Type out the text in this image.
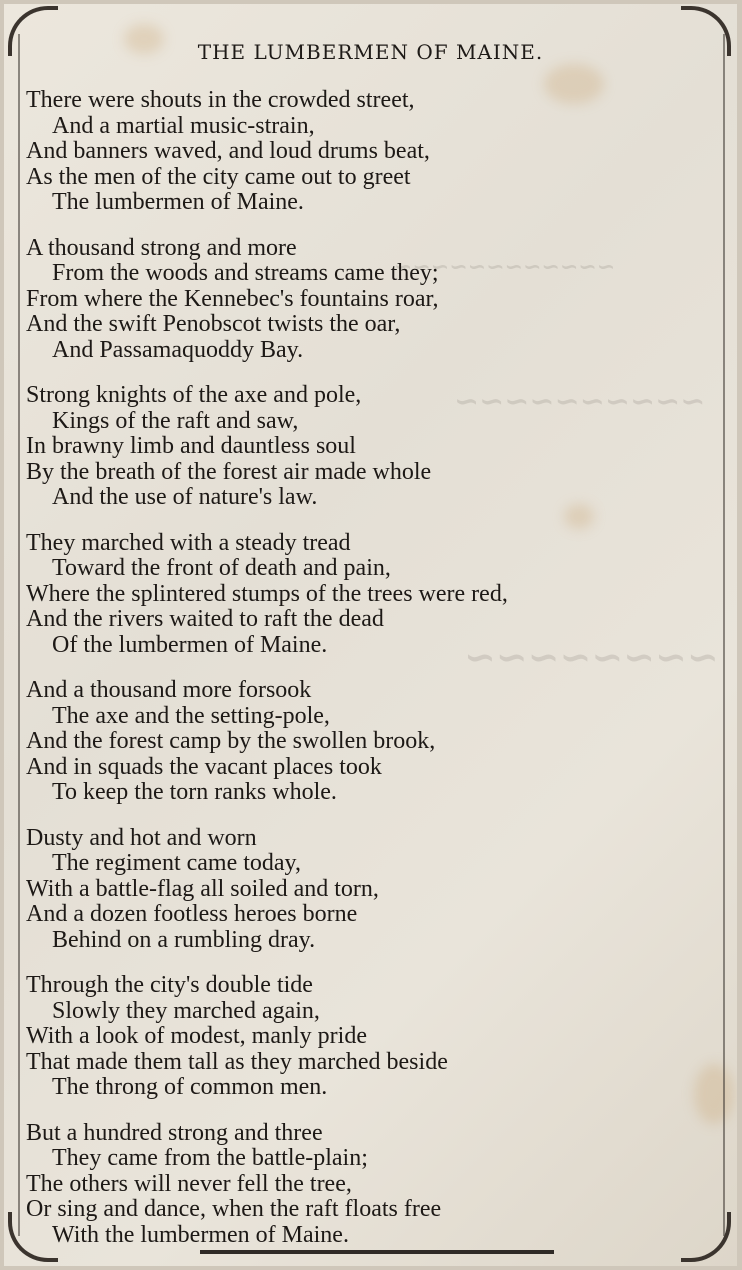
~~~~~~~~~~~~
~~~~~~~~~~
~~~~~~~~
THE LUMBERMEN OF MAINE.
There were shouts in the crowded street,
And a martial music-strain,
And banners waved, and loud drums beat,
As the men of the city came out to greet
The lumbermen of Maine.
A thousand strong and more
From the woods and streams came they;
From where the Kennebec's fountains roar,
And the swift Penobscot twists the oar,
And Passamaquoddy Bay.
Strong knights of the axe and pole,
Kings of the raft and saw,
In brawny limb and dauntless soul
By the breath of the forest air made whole
And the use of nature's law.
They marched with a steady tread
Toward the front of death and pain,
Where the splintered stumps of the trees were red,
And the rivers waited to raft the dead
Of the lumbermen of Maine.
And a thousand more forsook
The axe and the setting-pole,
And the forest camp by the swollen brook,
And in squads the vacant places took
To keep the torn ranks whole.
Dusty and hot and worn
The regiment came today,
With a battle-flag all soiled and torn,
And a dozen footless heroes borne
Behind on a rumbling dray.
Through the city's double tide
Slowly they marched again,
With a look of modest, manly pride
That made them tall as they marched beside
The throng of common men.
But a hundred strong and three
They came from the battle-plain;
The others will never fell the tree,
Or sing and dance, when the raft floats free
With the lumbermen of Maine.
